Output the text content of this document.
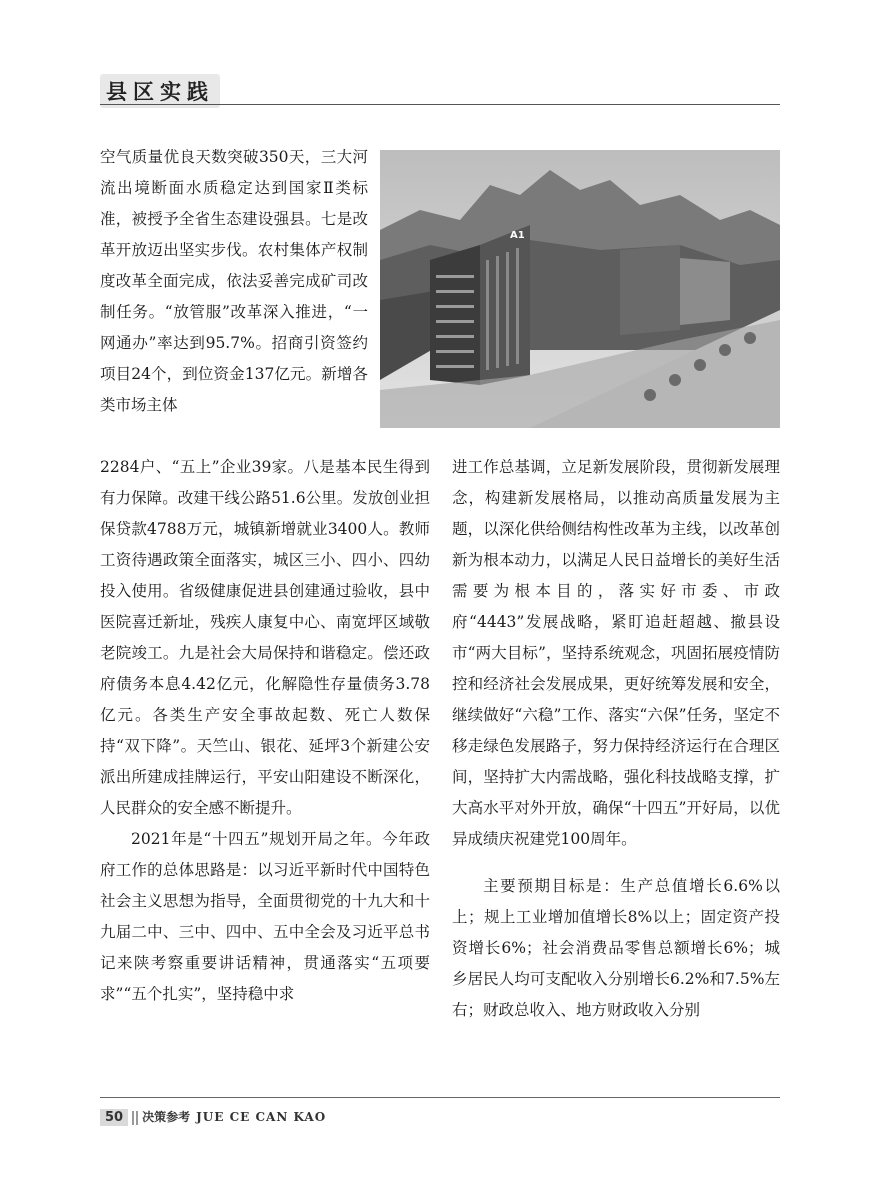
县区实践

空气质量优良天数突破350天，三大河流出境断面水质稳定达到国家Ⅱ类标准，被授予全省生态建设强县。七是改革开放迈出坚实步伐。农村集体产权制度改革全面完成，依法妥善完成矿司改制任务。“放管服”改革深入推进，“一网通办”率达到95.7%。招商引资签约项目24个，到位资金137亿元。新增各类市场主体

A1

2284户、“五上”企业39家。八是基本民生得到有力保障。改建干线公路51.6公里。发放创业担保贷款4788万元，城镇新增就业3400人。教师工资待遇政策全面落实，城区三小、四小、四幼投入使用。省级健康促进县创建通过验收，县中医院喜迁新址，残疾人康复中心、南宽坪区域敬老院竣工。九是社会大局保持和谐稳定。偿还政府债务本息4.42亿元，化解隐性存量债务3.78亿元。各类生产安全事故起数、死亡人数保持“双下降”。天竺山、银花、延坪3个新建公安派出所建成挂牌运行，平安山阳建设不断深化，人民群众的安全感不断提升。

2021年是“十四五”规划开局之年。今年政府工作的总体思路是：以习近平新时代中国特色社会主义思想为指导，全面贯彻党的十九大和十九届二中、三中、四中、五中全会及习近平总书记来陕考察重要讲话精神，贯通落实“五项要求”“五个扎实”，坚持稳中求

进工作总基调，立足新发展阶段，贯彻新发展理念，构建新发展格局，以推动高质量发展为主题，以深化供给侧结构性改革为主线，以改革创新为根本动力，以满足人民日益增长的美好生活需要为根本目的，落实好市委、市政府“4443”发展战略，紧盯追赶超越、撤县设市“两大目标”，坚持系统观念，巩固拓展疫情防控和经济社会发展成果，更好统筹发展和安全，继续做好“六稳”工作、落实“六保”任务，坚定不移走绿色发展路子，努力保持经济运行在合理区间，坚持扩大内需战略，强化科技战略支撑，扩大高水平对外开放，确保“十四五”开好局，以优异成绩庆祝建党100周年。

主要预期目标是：生产总值增长6.6%以上；规上工业增加值增长8%以上；固定资产投资增长6%；社会消费品零售总额增长6%；城乡居民人均可支配收入分别增长6.2%和7.5%左右；财政总收入、地方财政收入分别

50 决策参考 JUE CE CAN KAO
